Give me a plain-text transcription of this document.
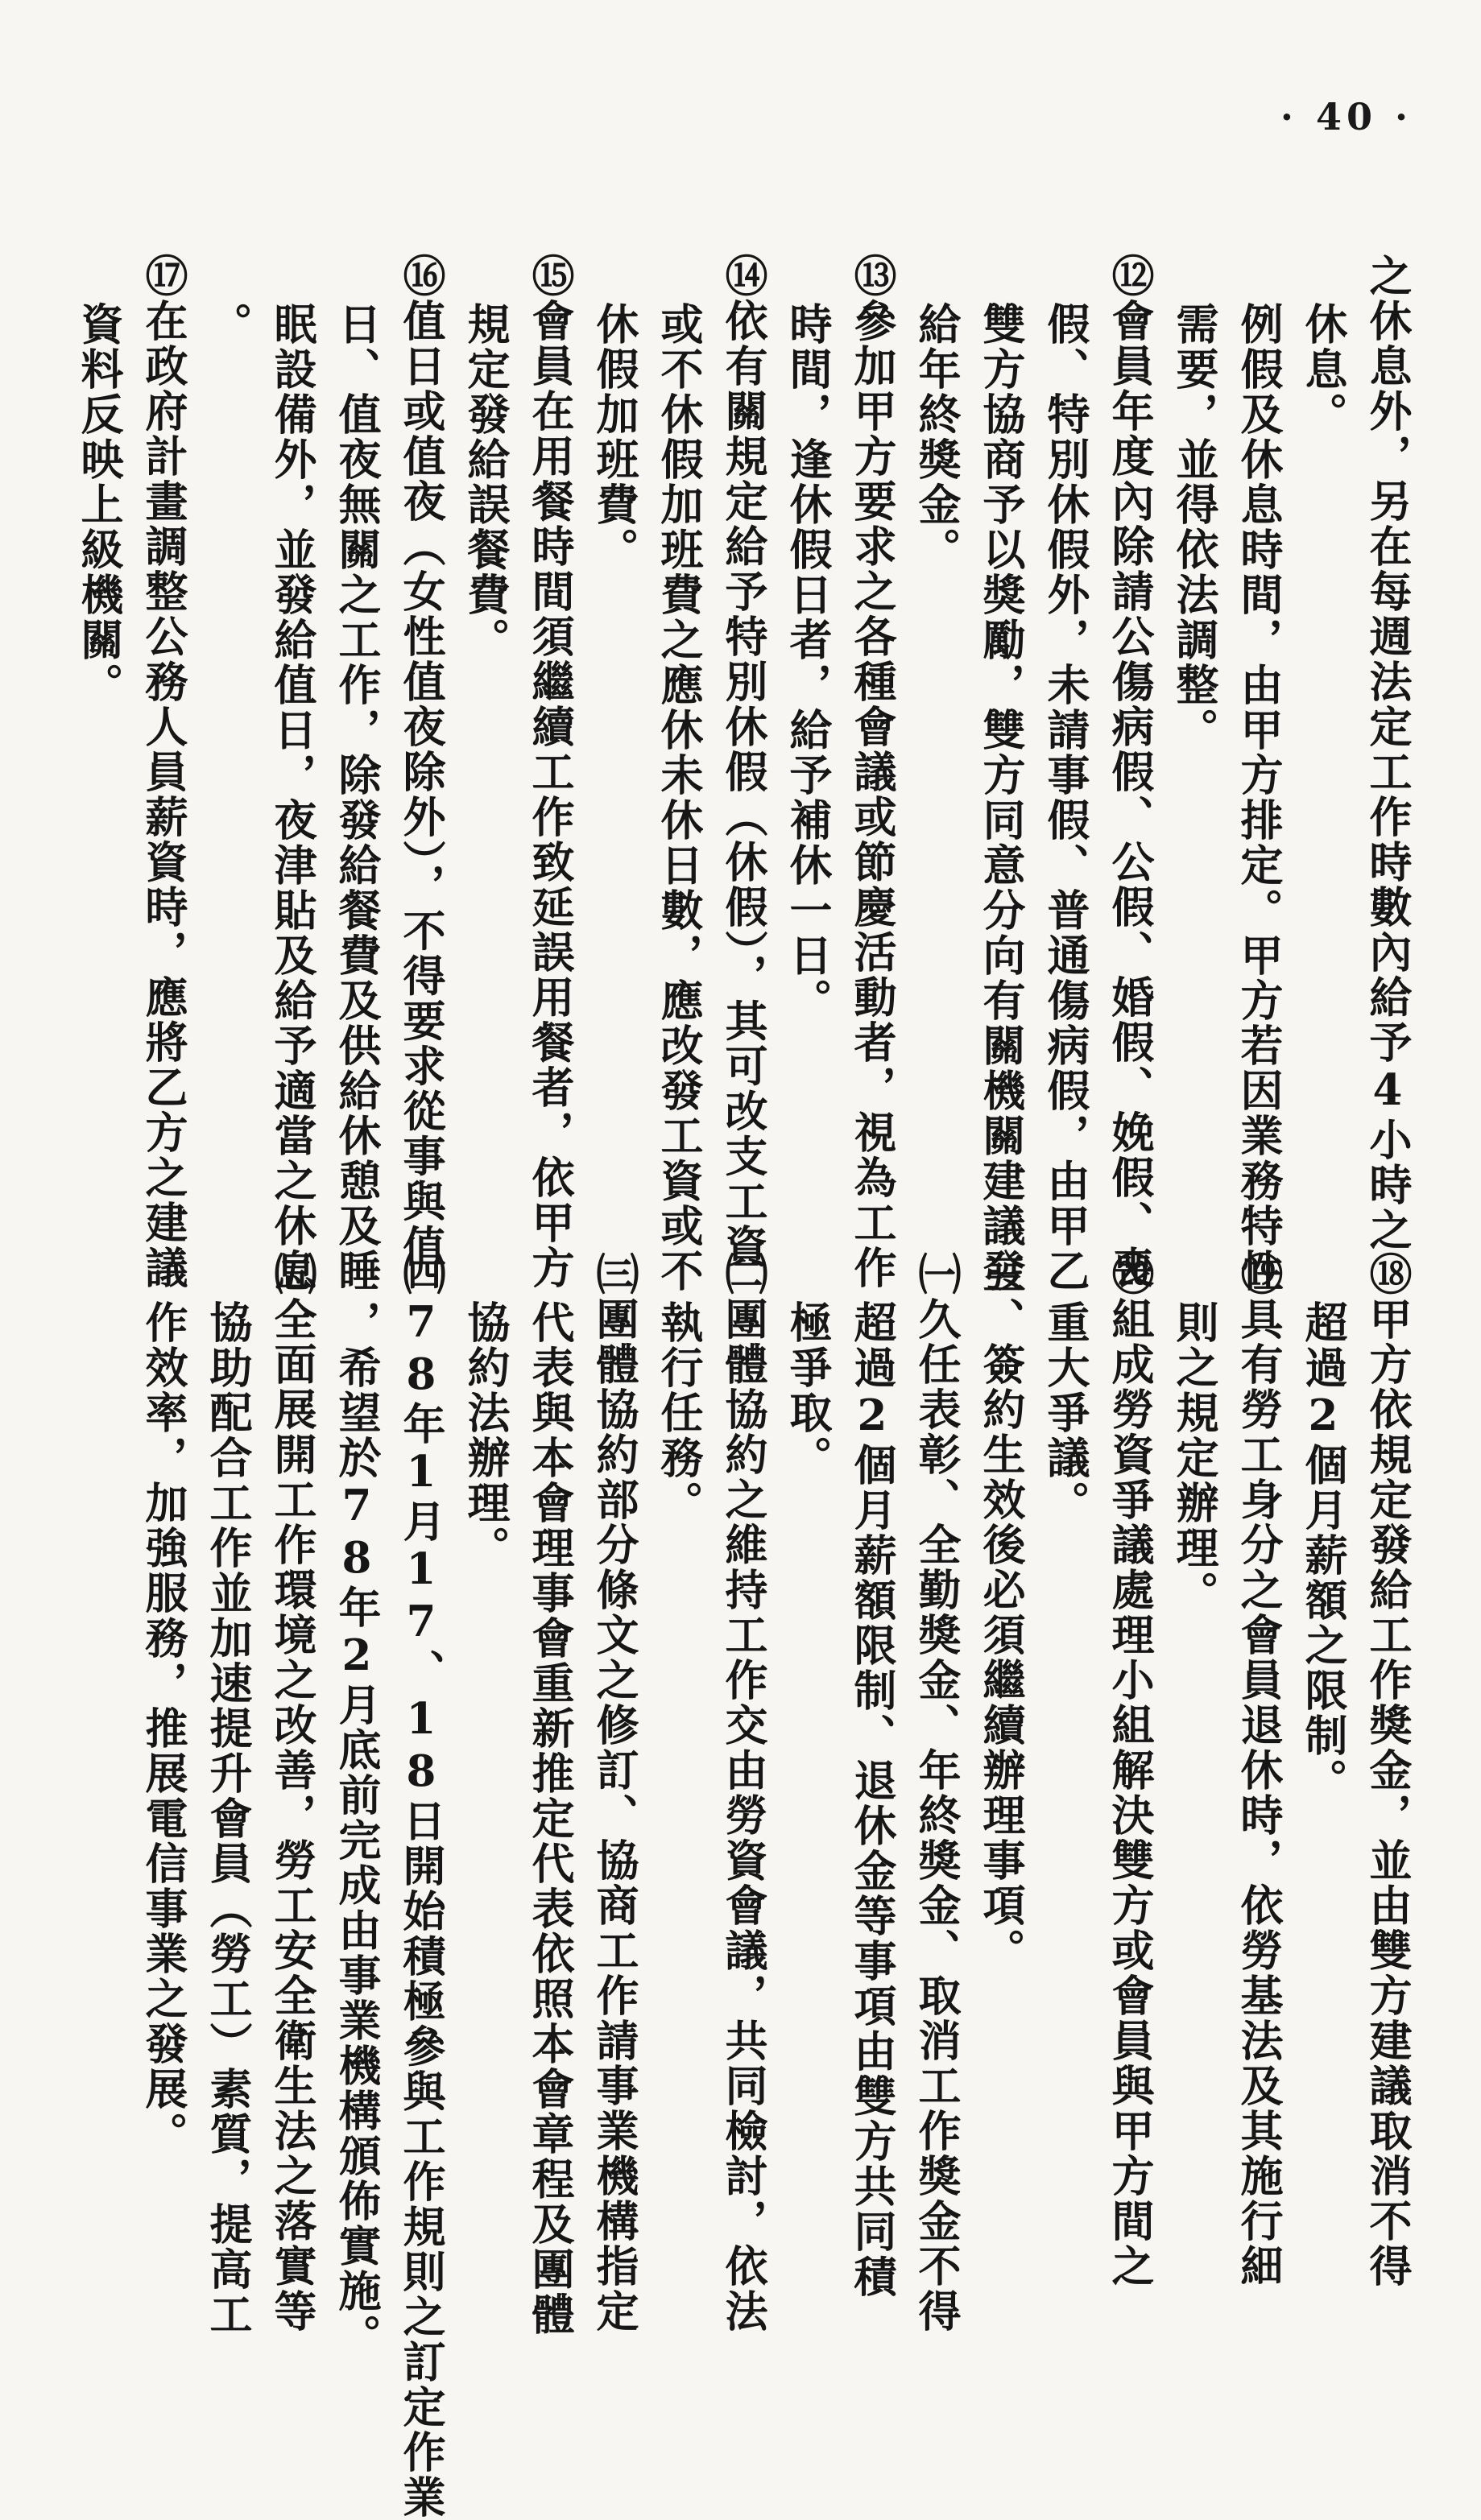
· 40 ·
之休息外，另在每週法定工作時數內給予4小時之
休息。
例假及休息時間，由甲方排定。甲方若因業務特性
需要，並得依法調整。
⑫會員年度內除請公傷病假、公假、婚假、娩假、喪
假、特別休假外，未請事假、普通傷病假，由甲乙
雙方協商予以獎勵，雙方同意分向有關機關建議發
給年終獎金。
⑬參加甲方要求之各種會議或節慶活動者，視為工作
時間，逢休假日者，給予補休一日。
⑭依有關規定給予特別休假（休假），其可改支工資
或不休假加班費之應休未休日數，應改發工資或不
休假加班費。
⑮會員在用餐時間須繼續工作致延誤用餐者，依甲方
規定發給誤餐費。
⑯值日或值夜（女性值夜除外），不得要求從事與值
日、值夜無關之工作，除發給餐費及供給休憩及睡
眠設備外，並發給值日，夜津貼及給予適當之休息
。
⑰在政府計畫調整公務人員薪資時，應將乙方之建議
資料反映上級機關。
⑱甲方依規定發給工作獎金，並由雙方建議取消不得
超過2個月薪額之限制。
⑲具有勞工身分之會員退休時，依勞基法及其施行細
則之規定辦理。
⑳組成勞資爭議處理小組解決雙方或會員與甲方間之
重大爭議。
三、簽約生效後必須繼續辦理事項。
㈠久任表彰、全勤獎金、年終獎金、取消工作獎金不得
超過2個月薪額限制、退休金等事項由雙方共同積
極爭取。
㈡團體協約之維持工作交由勞資會議，共同檢討，依法
執行任務。
㈢團體協約部分條文之修訂、協商工作請事業機構指定
代表與本會理事會重新推定代表依照本會章程及團體
協約法辦理。
㈣78年1月17、18日開始積極參與工作規則之訂定作業
，希望於78年2月底前完成由事業機構頒佈實施。
㈤全面展開工作環境之改善，勞工安全衛生法之落實等
協助配合工作並加速提升會員（勞工）素質，提高工
作效率，加強服務，推展電信事業之發展。
